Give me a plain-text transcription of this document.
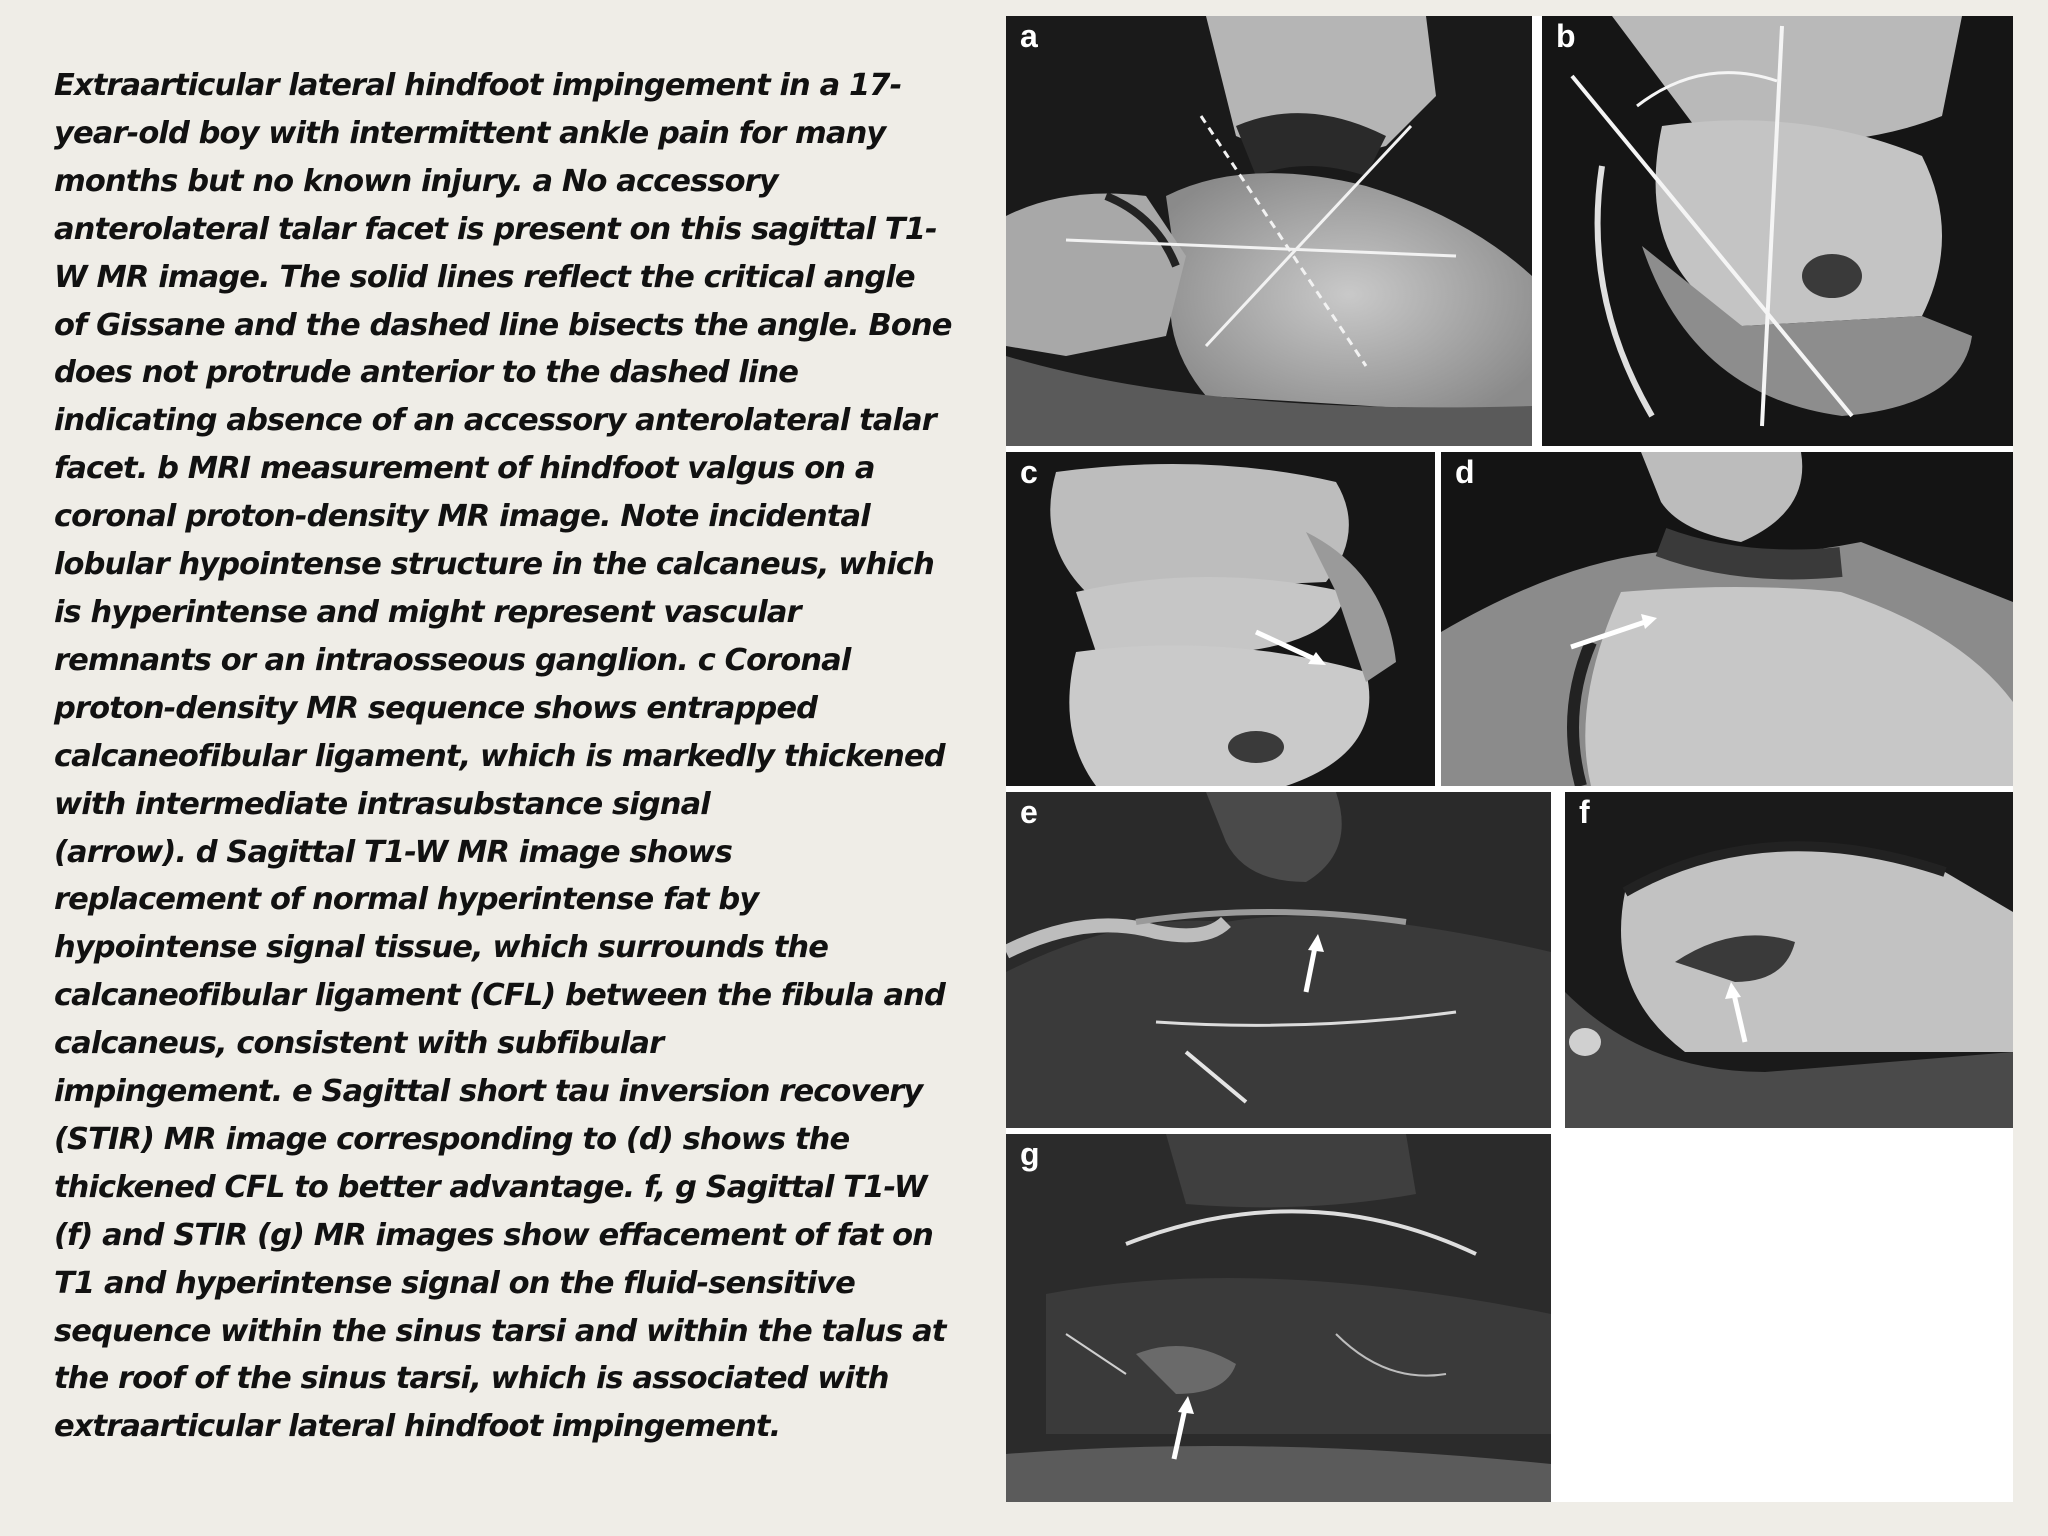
Extraarticular lateral hindfoot impingement in a 17-
year-old boy with intermittent ankle pain for many
months but no known injury. a No accessory
anterolateral talar facet is present on this sagittal T1-
W MR image. The solid lines reflect the critical angle
of Gissane and the dashed line bisects the angle. Bone
does not protrude anterior to the dashed line
indicating absence of an accessory anterolateral talar
facet. b MRI measurement of hindfoot valgus on a
coronal proton-density MR image. Note incidental
lobular hypointense structure in the calcaneus, which
is hyperintense and might represent vascular
remnants or an intraosseous ganglion. c Coronal
proton-density MR sequence shows entrapped
calcaneofibular ligament, which is markedly thickened
with intermediate intrasubstance signal
(arrow). d Sagittal T1-W MR image shows
replacement of normal hyperintense fat by
hypointense signal tissue, which surrounds the
calcaneofibular ligament (CFL) between the fibula and
calcaneus, consistent with subfibular
impingement. e Sagittal short tau inversion recovery
(STIR) MR image corresponding to (d) shows the
thickened CFL to better advantage. f, g Sagittal T1-W
(f) and STIR (g) MR images show effacement of fat on
T1 and hyperintense signal on the fluid-sensitive
sequence within the sinus tarsi and within the talus at
the roof of the sinus tarsi, which is associated with
extraarticular lateral hindfoot impingement.
a	b
c	d
e	f
g
